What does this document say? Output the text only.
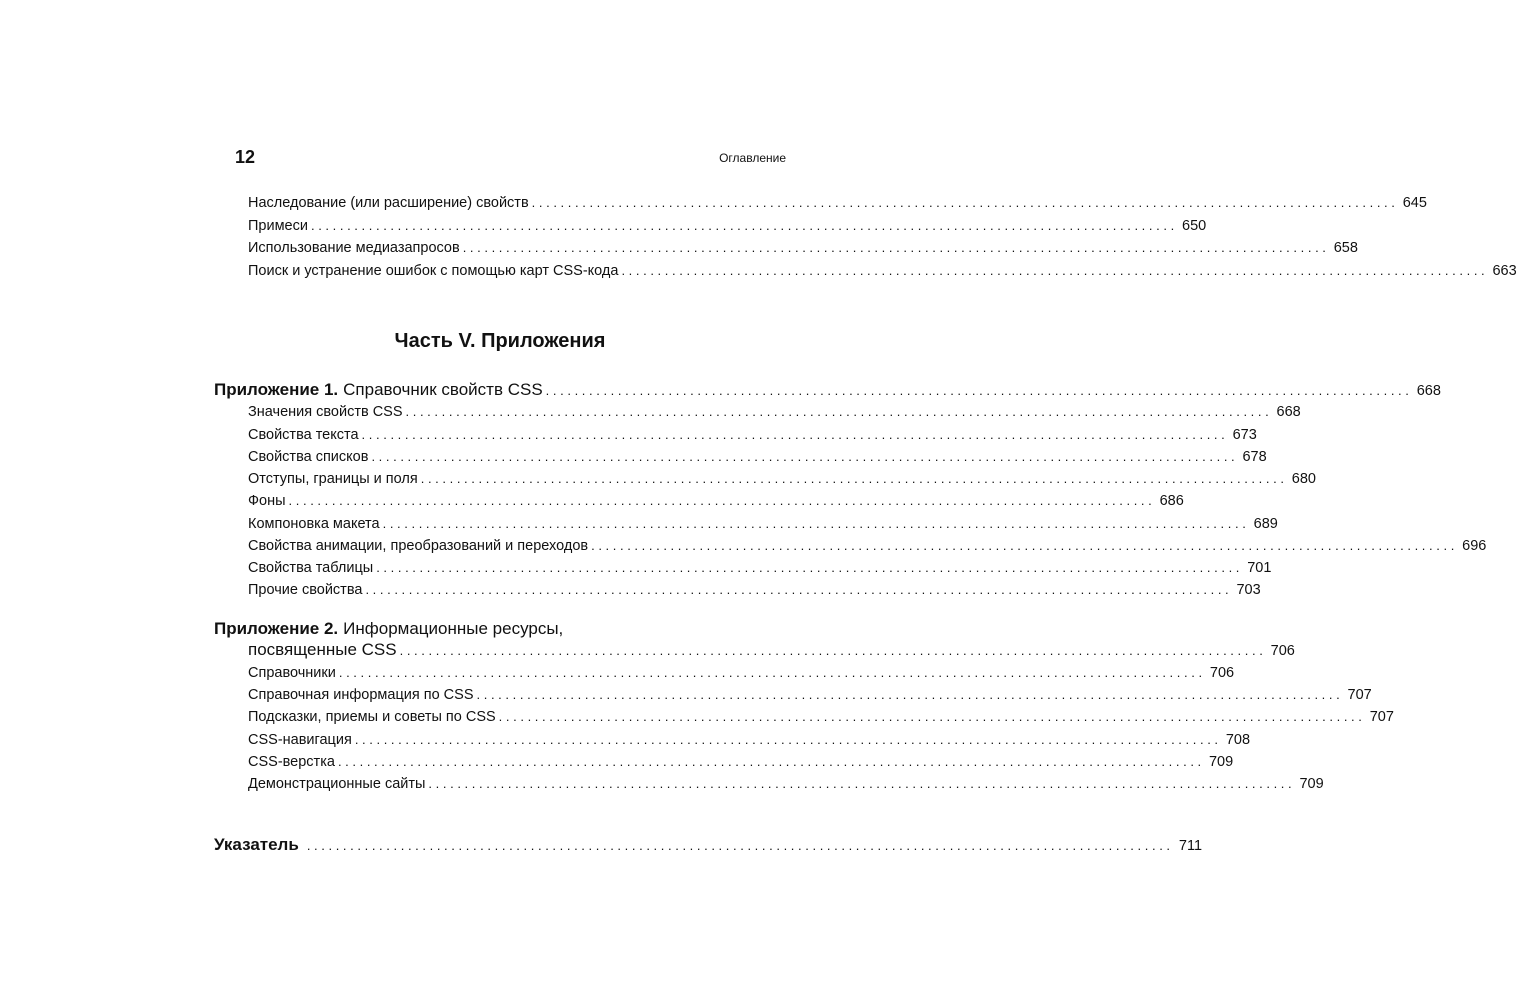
12	Оглавление
Наследование (или расширение) свойств . . .	645
Примеси . . .	650
Использование медиазапросов . . .	658
Поиск и устранение ошибок с помощью карт CSS-кода . . .	663
Часть V. Приложения
Приложение 1. Справочник свойств CSS . . .	668
Значения свойств CSS . . .	668
Свойства текста . . .	673
Свойства списков . . .	678
Отступы, границы и поля . . .	680
Фоны . . .	686
Компоновка макета . . .	689
Свойства анимации, преобразований и переходов . . .	696
Свойства таблицы . . .	701
Прочие свойства . . .	703
Приложение 2. Информационные ресурсы,
посвященные CSS . . .	706
Справочники . . .	706
Справочная информация по CSS . . .	707
Подсказки, приемы и советы по CSS . . .	707
CSS-навигация . . .	708
CSS-верстка . . .	709
Демонстрационные сайты . . .	709
Указатель . . .	711
